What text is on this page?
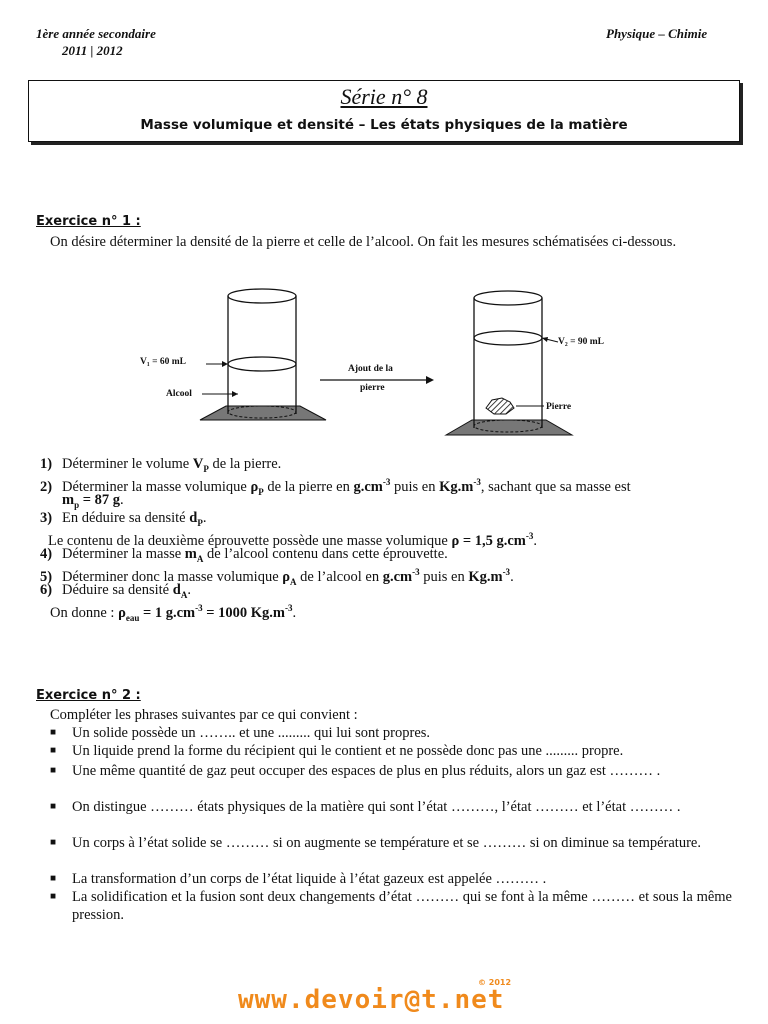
1ère année secondaire
2011 | 2012
Physique – Chimie
Série n° 8
Masse volumique et densité – Les états physiques de la matière
Exercice n° 1 :
On désire déterminer la densité de la pierre et celle de l’alcool. On fait les mesures schématisées ci-dessous.
V₁ = 60 mL
Alcool
Ajout de la
pierre
V₂ = 90 mL
Pierre
1) Déterminer le volume $V_P$ de la pierre.
2) Déterminer la masse volumique $\rho_P$ de la pierre en $g.cm^{-3}$ puis en $Kg.m^{-3}$, sachant que sa masse est
$m_p = 87$ g.
3) En déduire sa densité $d_P$.
Le contenu de la deuxième éprouvette possède une masse volumique ρ = 1,5 $g.cm^{-3}$.
4) Déterminer la masse $m_A$ de l’alcool contenu dans cette éprouvette.
5) Déterminer donc la masse volumique $\rho_A$ de l’alcool en $g.cm^{-3}$ puis en $Kg.m^{-3}$.
6) Déduire sa densité $d_A$.
On donne : $\rho_{eau} = 1$ $g.cm^{-3} = 1000$ $Kg.m^{-3}$.
Exercice n° 2 :
Compléter les phrases suivantes par ce qui convient :
■ Un solide possède un …….. et une ......... qui lui sont propres.
■ Un liquide prend la forme du récipient qui le contient et ne possède donc pas une ......... propre.
■ Une même quantité de gaz peut occuper des espaces de plus en plus réduits, alors un gaz est ……… .
■ On distingue ……… états physiques de la matière qui sont l’état ………, l’état ……… et l’état ……… .
■ Un corps à l’état solide se ……… si on augmente se température et se ……… si on diminue sa température.
■ La transformation d’un corps de l’état liquide à l’état gazeux est appelée ……… .
■ La solidification et la fusion sont deux changements d’état ……… qui se font à la même ……… et sous la même pression.
www.devoir@t.net
© 2012
